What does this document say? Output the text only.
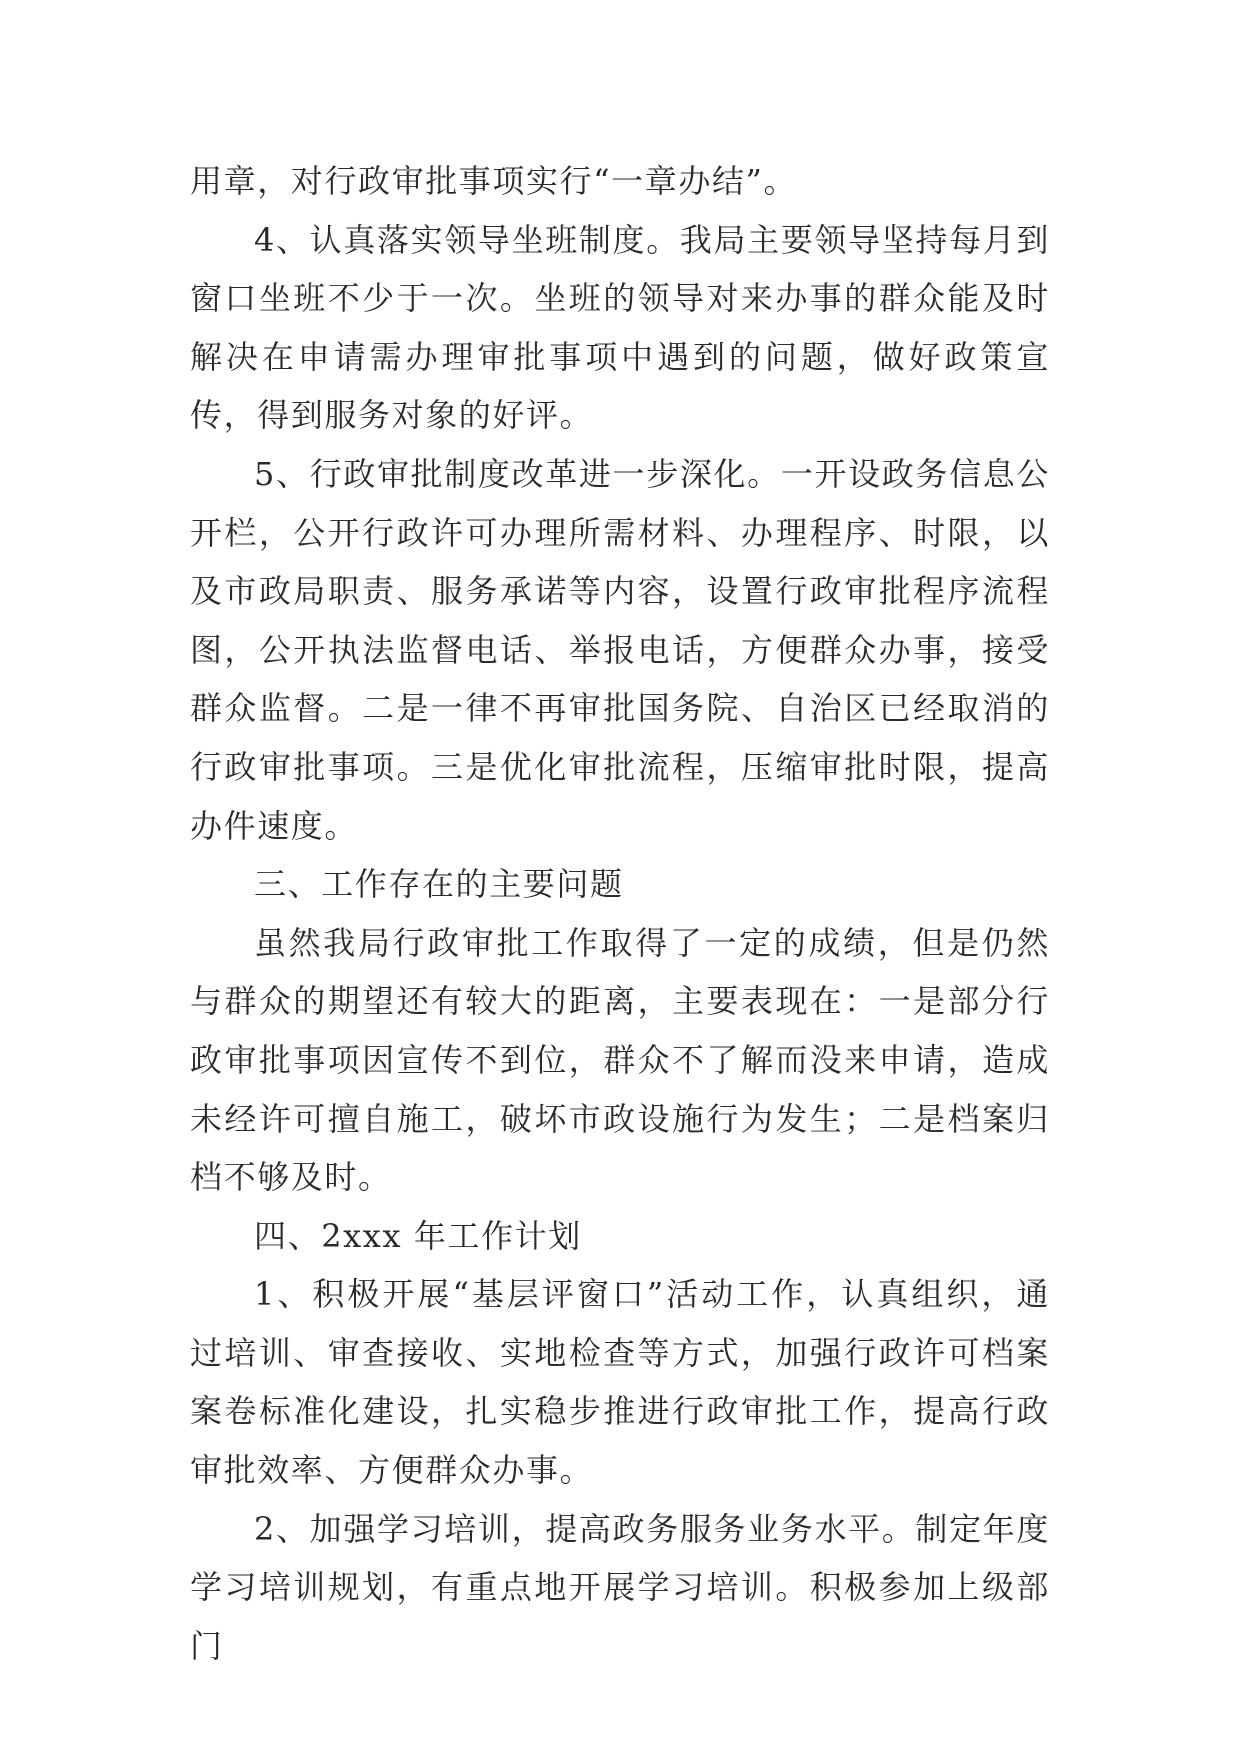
用章，对行政审批事项实行“一章办结”。

4、认真落实领导坐班制度。我局主要领导坚持每月到窗口坐班不少于一次。坐班的领导对来办事的群众能及时解决在申请需办理审批事项中遇到的问题，做好政策宣传，得到服务对象的好评。

5、行政审批制度改革进一步深化。一开设政务信息公开栏，公开行政许可办理所需材料、办理程序、时限，以及市政局职责、服务承诺等内容，设置行政审批程序流程图，公开执法监督电话、举报电话，方便群众办事，接受群众监督。二是一律不再审批国务院、自治区已经取消的行政审批事项。三是优化审批流程，压缩审批时限，提高办件速度。

三、工作存在的主要问题

虽然我局行政审批工作取得了一定的成绩，但是仍然与群众的期望还有较大的距离，主要表现在：一是部分行政审批事项因宣传不到位，群众不了解而没来申请，造成未经许可擅自施工，破坏市政设施行为发生；二是档案归档不够及时。

四、2xxx 年工作计划

1、积极开展“基层评窗口”活动工作，认真组织，通过培训、审查接收、实地检查等方式，加强行政许可档案案卷标准化建设，扎实稳步推进行政审批工作，提高行政审批效率、方便群众办事。

2、加强学习培训，提高政务服务业务水平。制定年度学习培训规划，有重点地开展学习培训。积极参加上级部门
